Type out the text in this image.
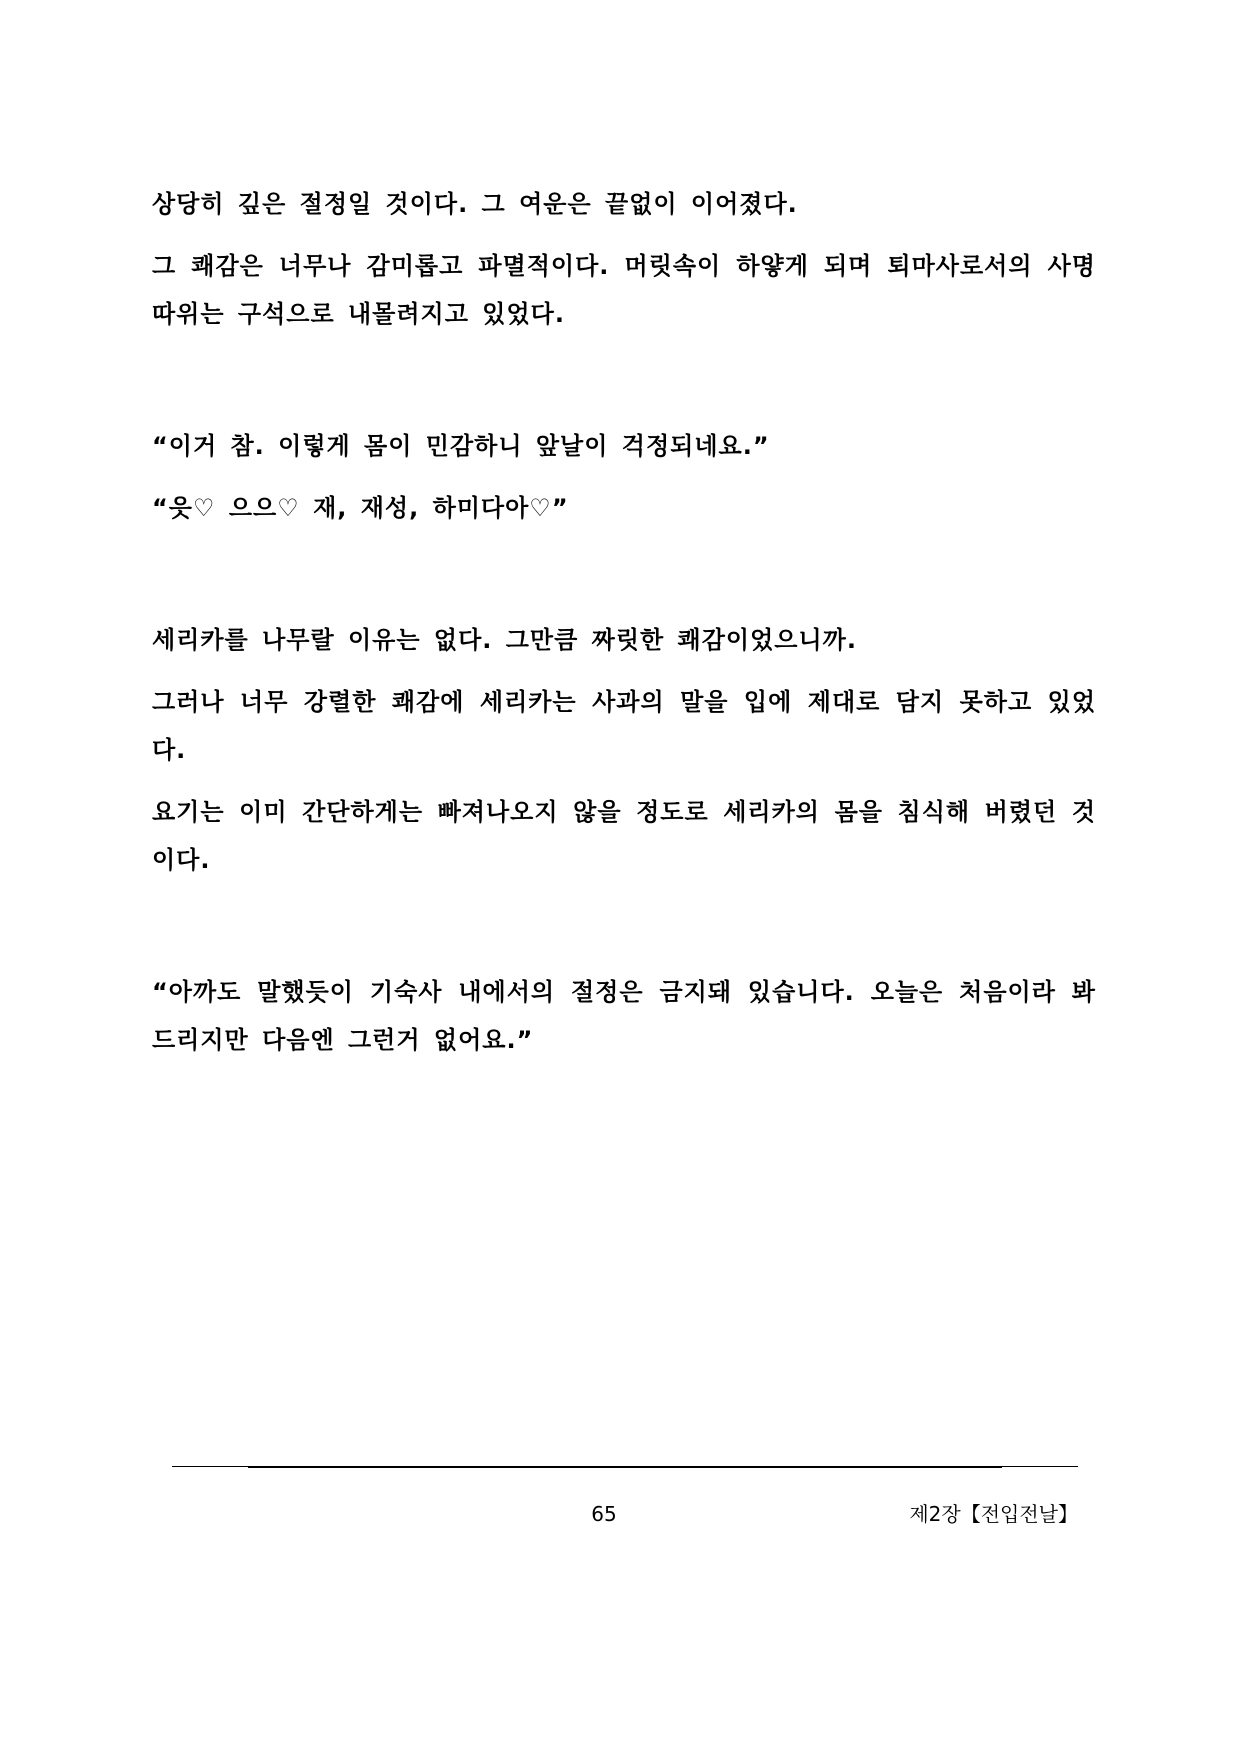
상당히 깊은 절정일 것이다. 그 여운은 끝없이 이어졌다.

그 쾌감은 너무나 감미롭고 파멸적이다. 머릿속이 하얗게 되며 퇴마사로서의 사명 따위는 구석으로 내몰려지고 있었다.

“이거 참. 이렇게 몸이 민감하니 앞날이 걱정되네요.”

“읏♡ 으으♡ 재, 재성, 하미다아♡”

세리카를 나무랄 이유는 없다. 그만큼 짜릿한 쾌감이었으니까.

그러나 너무 강렬한 쾌감에 세리카는 사과의 말을 입에 제대로 담지 못하고 있었다.

요기는 이미 간단하게는 빠져나오지 않을 정도로 세리카의 몸을 침식해 버렸던 것이다.

“아까도 말했듯이 기숙사 내에서의 절정은 금지돼 있습니다. 오늘은 처음이라 봐드리지만 다음엔 그런거 없어요.”

65	제2장【전입전날】
